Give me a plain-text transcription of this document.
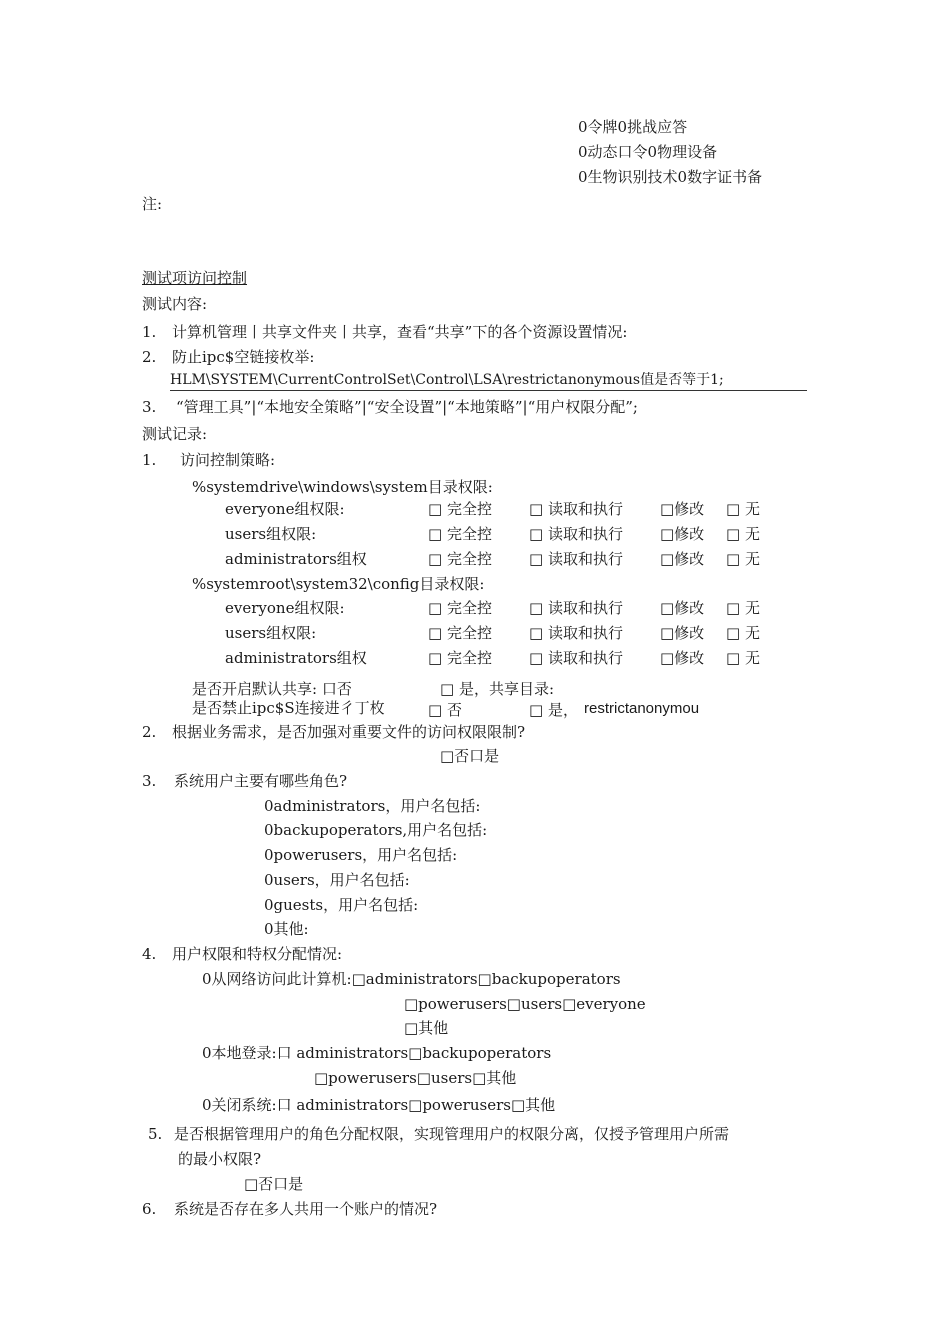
0令牌0挑战应答
0动态口令0物理设备
0生物识别技术0数字证书备
注:
测试项访问控制
测试内容:
1. 计算机管理丨共享文件夹丨共享，查看“共享”下的各个资源设置情况:
2. 防止ipc$空链接枚举:
HLM\SYSTEM\CurrentControlSet\Control\LSA\restrictanonymous值是否等于1;
3. “管理工具”|“本地安全策略”|“安全设置”|“本地策略”|“用户权限分配”;
测试记录:
1. 访问控制策略:
%systemdrive\windows\system目录权限:
everyone组权限:	□ 完全控 □ 读取和执行 □修改 □ 无
users组权限:	□ 完全控 □ 读取和执行 □修改 □ 无
administrators组权	□ 完全控 □ 读取和执行 □修改 □ 无
%systemroot\system32\config目录权限:
everyone组权限:	□ 完全控 □ 读取和执行 □修改 □ 无
users组权限:	□ 完全控 □ 读取和执行 □修改 □ 无
administrators组权	□ 完全控 □ 读取和执行 □修改 □ 无
是否开启默认共享: 口否	□ 是，共享目录:
是否禁止ipc$S连接进彳丁枚	□ 否	□ 是， restrictanonymou
2. 根据业务需求，是否加强对重要文件的访问权限限制?
□否口是
3. 系统用户主要有哪些角色?
0administrators，用户名包括:
0backupoperators,用户名包括:
0powerusers，用户名包括:
0users，用户名包括:
0guests，用户名包括:
0其他:
4. 用户权限和特权分配情况:
0从网络访问此计算机:□administrators□backupoperators
□powerusers□users□everyone
□其他
0本地登录:口 administrators□backupoperators
□powerusers□users□其他
0关闭系统:口 administrators□powerusers□其他
5. 是否根据管理用户的角色分配权限，实现管理用户的权限分离，仅授予管理用户所需
的最小权限?
□否口是
6. 系统是否存在多人共用一个账户的情况?
